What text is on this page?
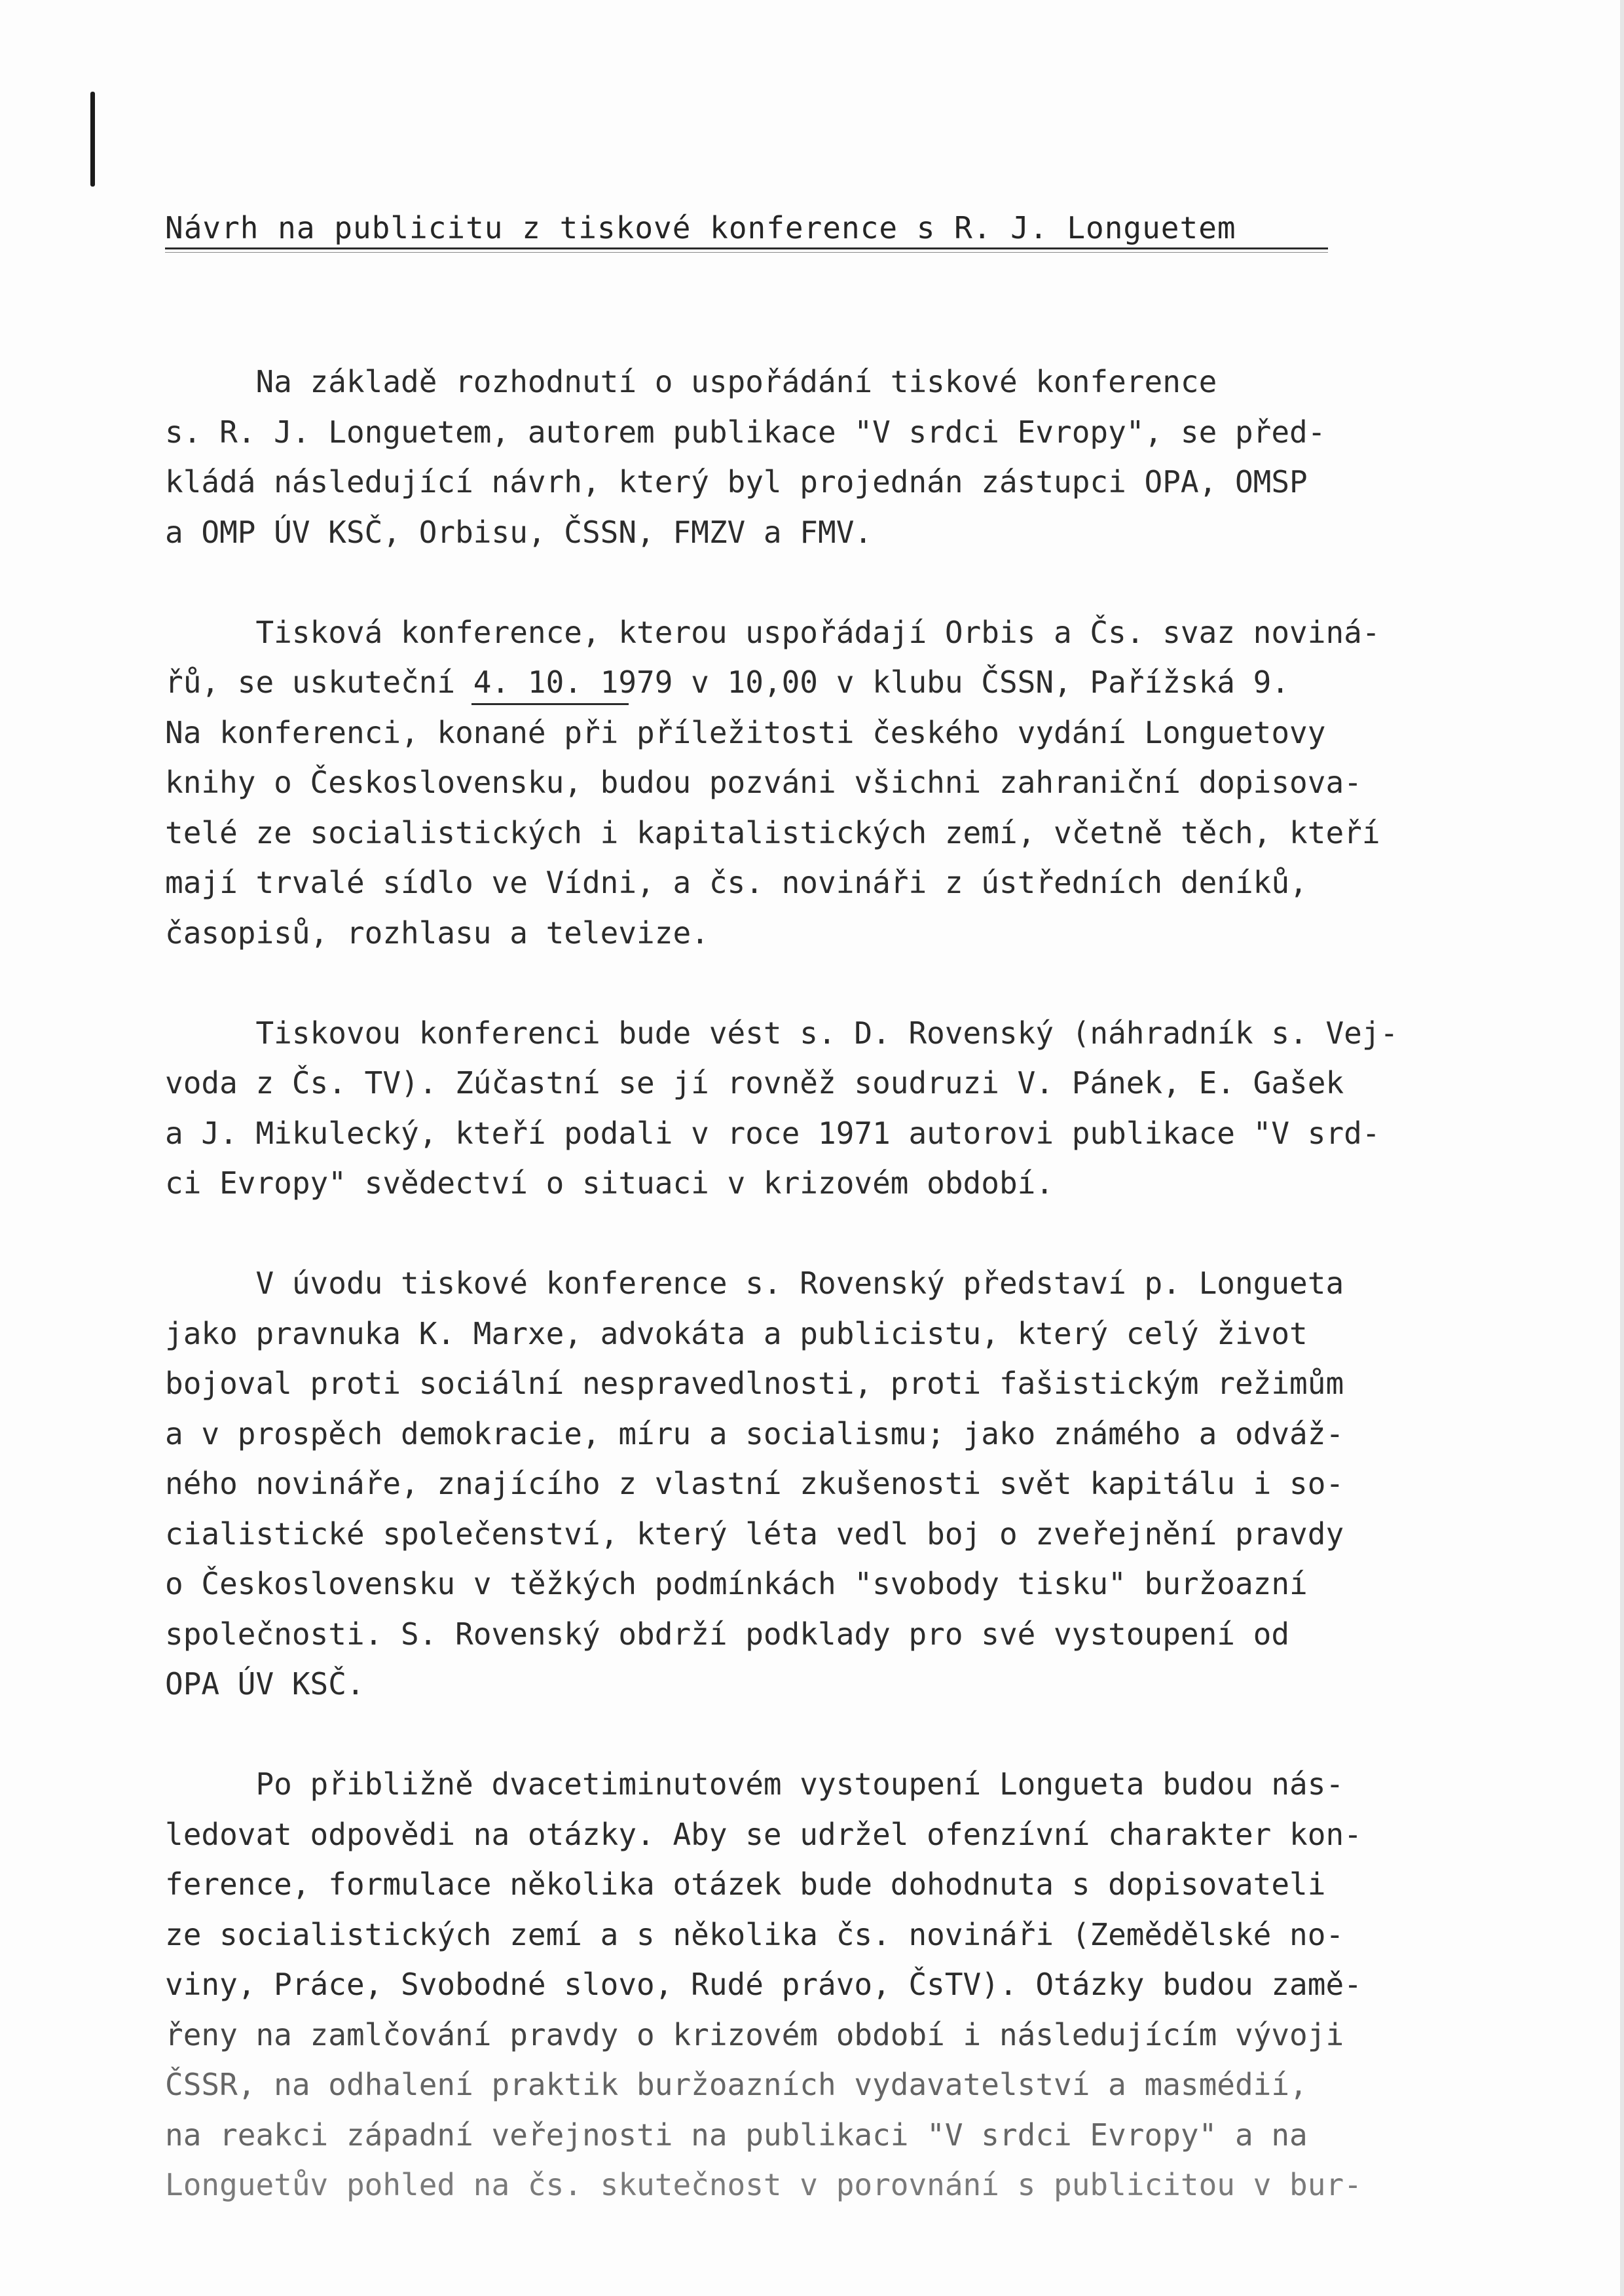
Návrh na publicitu z tiskové konference s R. J. Longuetem
Na základě rozhodnutí o uspořádání tiskové konference
s. R. J. Longuetem, autorem publikace "V srdci Evropy", se před-
kládá následující návrh, který byl projednán zástupci OPA, OMSP
a OMP ÚV KSČ, Orbisu, ČSSN, FMZV a FMV.
Tisková konference, kterou uspořádají Orbis a Čs. svaz noviná-
řů, se uskuteční 4. 10. 1979 v 10,00 v klubu ČSSN, Pařížská 9.
Na konferenci, konané při příležitosti českého vydání Longuetovy
knihy o Československu, budou pozváni všichni zahraniční dopisova-
telé ze socialistických i kapitalistických zemí, včetně těch, kteří
mají trvalé sídlo ve Vídni, a čs. novináři z ústředních deníků,
časopisů, rozhlasu a televize.
Tiskovou konferenci bude vést s. D. Rovenský (náhradník s. Vej-
voda z Čs. TV). Zúčastní se jí rovněž soudruzi V. Pánek, E. Gašek
a J. Mikulecký, kteří podali v roce 1971 autorovi publikace "V srd-
ci Evropy" svědectví o situaci v krizovém období.
V úvodu tiskové konference s. Rovenský představí p. Longueta
jako pravnuka K. Marxe, advokáta a publicistu, který celý život
bojoval proti sociální nespravedlnosti, proti fašistickým režimům
a v prospěch demokracie, míru a socialismu; jako známého a odváž-
ného novináře, znajícího z vlastní zkušenosti svět kapitálu i so-
cialistické společenství, který léta vedl boj o zveřejnění pravdy
o Československu v těžkých podmínkách "svobody tisku" buržoazní
společnosti. S. Rovenský obdrží podklady pro své vystoupení od
OPA ÚV KSČ.
Po přibližně dvacetiminutovém vystoupení Longueta budou nás-
ledovat odpovědi na otázky. Aby se udržel ofenzívní charakter kon-
ference, formulace několika otázek bude dohodnuta s dopisovateli
ze socialistických zemí a s několika čs. novináři (Zemědělské no-
viny, Práce, Svobodné slovo, Rudé právo, ČsTV). Otázky budou zamě-
řeny na zamlčování pravdy o krizovém období i následujícím vývoji
ČSSR, na odhalení praktik buržoazních vydavatelství a masmédií,
na reakci západní veřejnosti na publikaci "V srdci Evropy" a na
Longuetův pohled na čs. skutečnost v porovnání s publicitou v bur-
